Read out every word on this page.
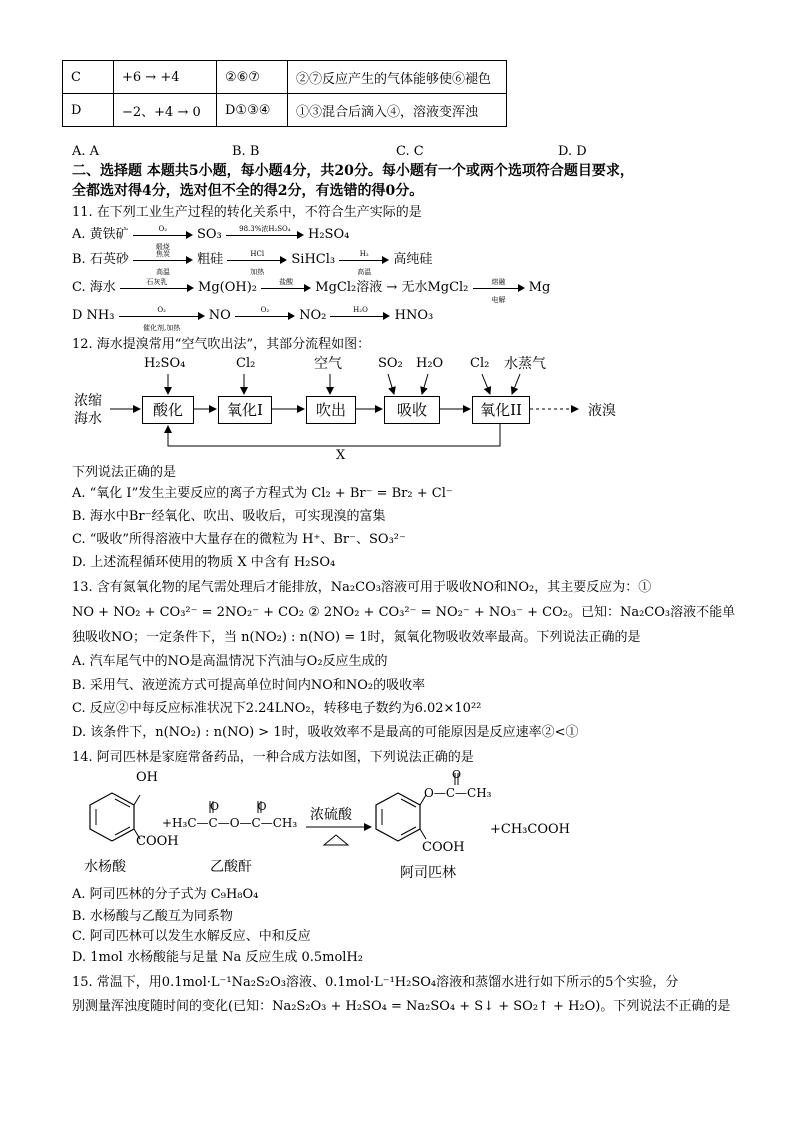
C	+6 → +4	②⑥⑦	②⑦反应产生的气体能够使⑥褪色
D	−2、+4 → 0	D①③④	①③混合后滴入④，溶液变浑浊
A. A	B. B	C. C	D. D
二、选择题 本题共5小题，每小题4分，共20分。每小题有一个或两个选项符合题目要求，
全都选对得4分，选对但不全的得2分，有选错的得0分。
11. 在下列工业生产过程的转化关系中，不符合生产实际的是
A. 黄铁矿	O₂
煅烧
SO₃	98.3%浓H₂SO₄	H₂SO₄
B. 石英砂	焦炭
高温
粗硅	HCl
加热
SiHCl₃	H₂
高温
高纯硅
C. 海水	石灰乳	Mg(OH)₂	盐酸	MgCl₂溶液 → 无水MgCl₂	熔融
电解
Mg
D NH₃	O₂
催化剂,加热
NO	O₂	NO₂	H₂O	HNO₃
12. 海水提溴常用“空气吹出法”，其部分流程如图：
浓缩
海水
H₂SO₄	Cl₂	空气	SO₂ H₂O Cl₂ 水蒸气
酸化	氧化I	吹出	吸收	氧化II	液溴
X
下列说法正确的是
A. “氧化 I”发生主要反应的离子方程式为 Cl₂ + Br⁻ = Br₂ + Cl⁻
B. 海水中Br⁻经氧化、吹出、吸收后，可实现溴的富集
C. “吸收”所得溶液中大量存在的微粒为 H⁺、Br⁻、SO₃²⁻
D. 上述流程循环使用的物质 X 中含有 H₂SO₄
13. 含有氮氧化物的尾气需处理后才能排放，Na₂CO₃溶液可用于吸收NO和NO₂，其主要反应为：①
NO + NO₂ + CO₃²⁻ = 2NO₂⁻ + CO₂ ② 2NO₂ + CO₃²⁻ = NO₂⁻ + NO₃⁻ + CO₂。已知：Na₂CO₃溶液不能单
独吸收NO；一定条件下，当 n(NO₂) : n(NO) = 1时，氮氧化物吸收效率最高。下列说法正确的是
A. 汽车尾气中的NO是高温情况下汽油与O₂反应生成的
B. 采用气、液逆流方式可提高单位时间内NO和NO₂的吸收率
C. 反应②中每反应标准状况下2.24LNO₂，转移电子数约为6.02×10²²
D. 该条件下，n(NO₂) : n(NO) > 1时，吸收效率不是最高的可能原因是反应速率②<①
14. 阿司匹林是家庭常备药品，一种合成方法如图，下列说法正确的是
OH
COOH
水杨酸
+H₃C—C—O—C—CH₃
O           O
乙酸酐
浓硫酸
O—C—CH₃
O
COOH
阿司匹林
+CH₃COOH
A. 阿司匹林的分子式为 C₉H₈O₄
B. 水杨酸与乙酸互为同系物
C. 阿司匹林可以发生水解反应、中和反应
D. 1mol 水杨酸能与足量 Na 反应生成 0.5molH₂
15. 常温下，用0.1mol·L⁻¹Na₂S₂O₃溶液、0.1mol·L⁻¹H₂SO₄溶液和蒸馏水进行如下所示的5个实验，分
别测量浑浊度随时间的变化(已知：Na₂S₂O₃ + H₂SO₄ = Na₂SO₄ + S↓ + SO₂↑ + H₂O)。下列说法不正确的是
